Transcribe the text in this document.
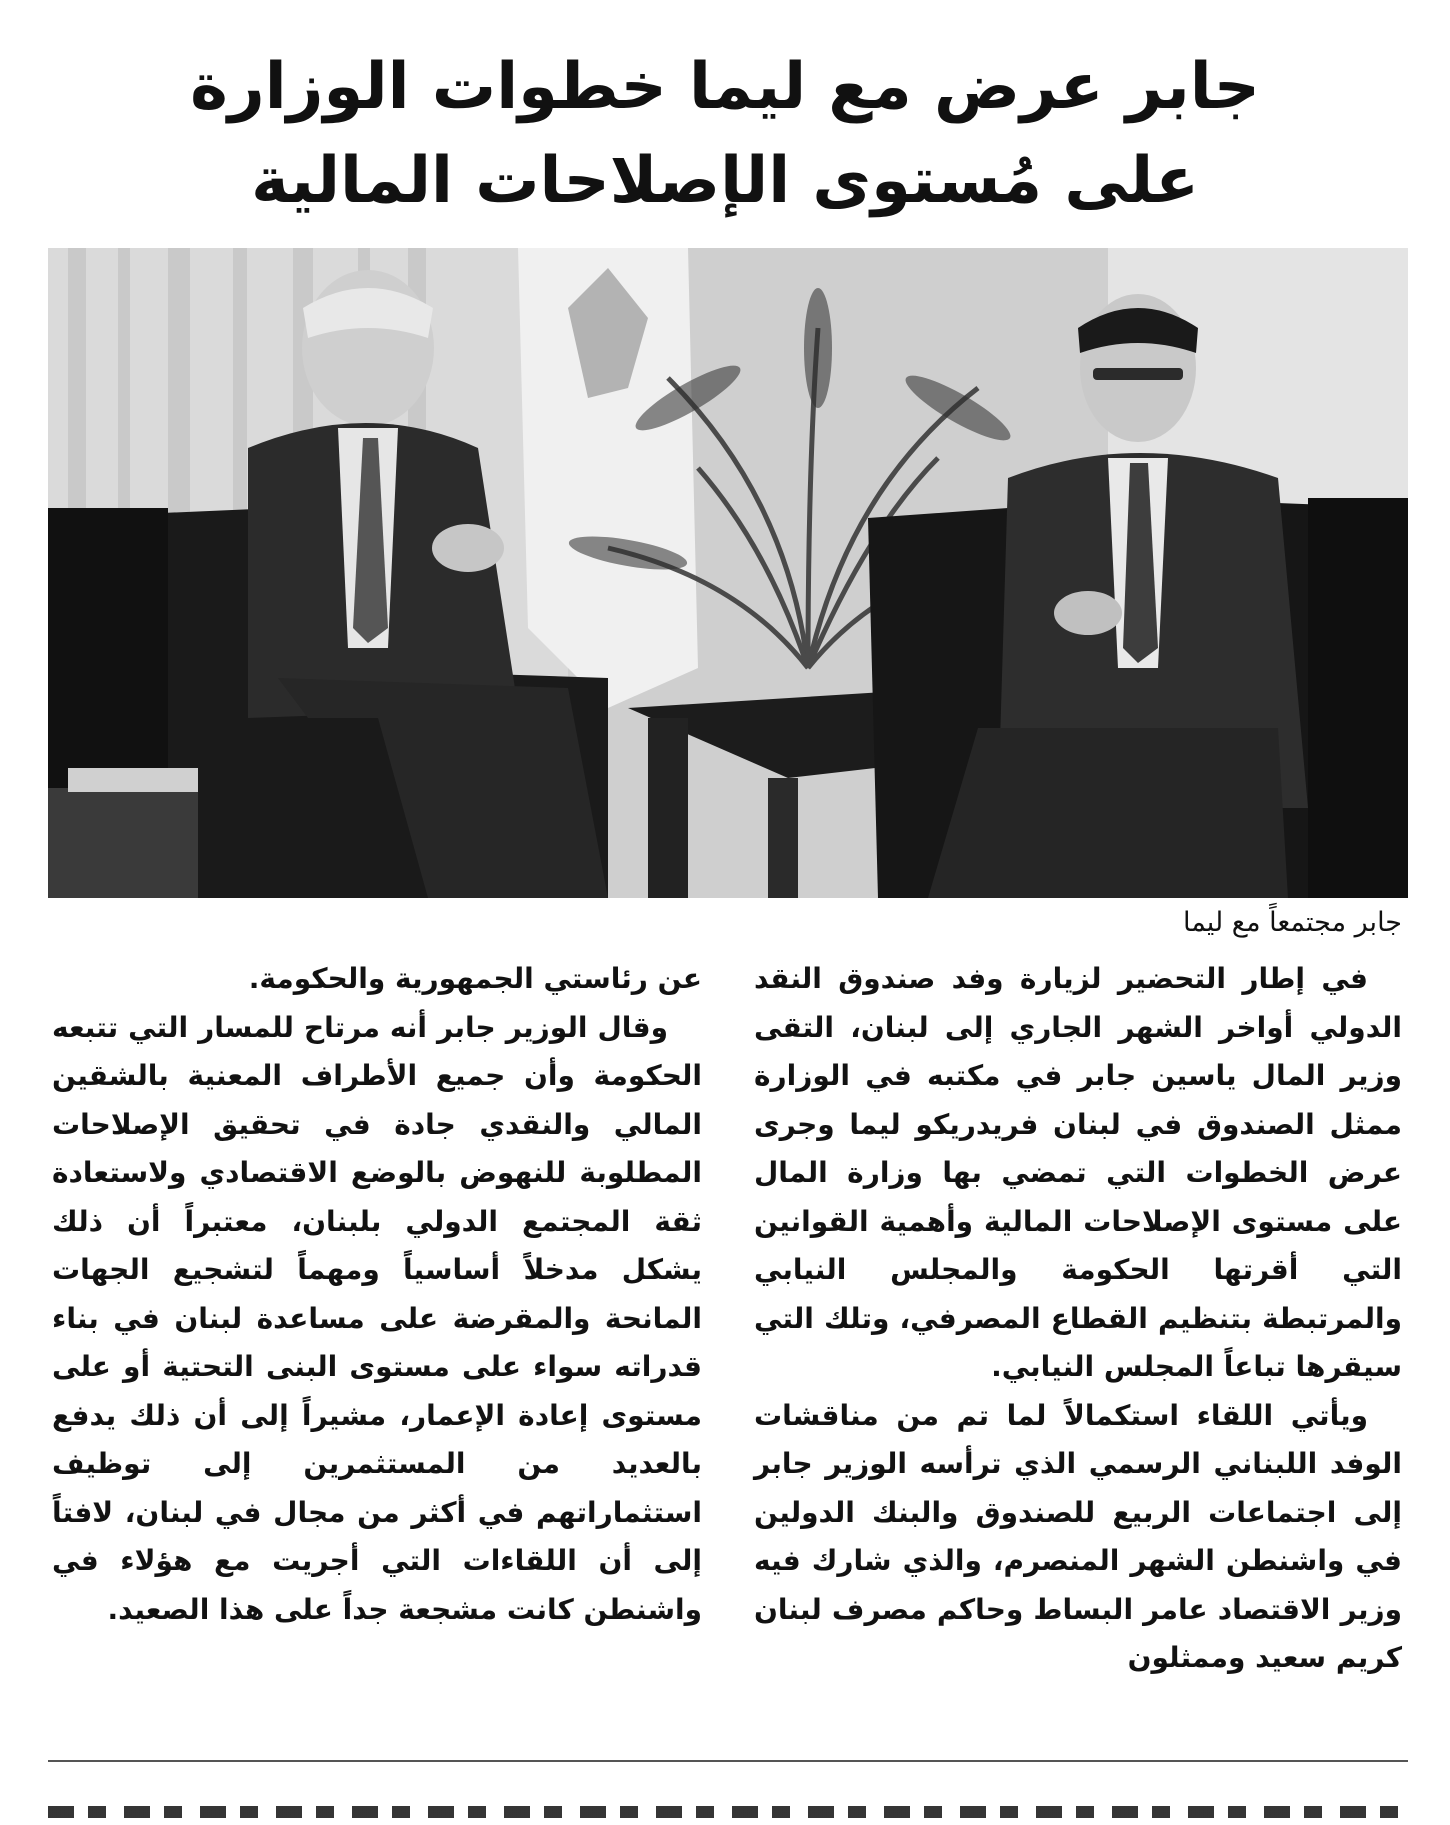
جابر عرض مع ليما خطوات الوزارة
على مُستوى الإصلاحات المالية
جابر مجتمعاً مع ليما

في إطار التحضير لزيارة وفد صندوق النقد الدولي أواخر الشهر الجاري إلى لبنان، التقى وزير المال ياسين جابر في مكتبه في الوزارة ممثل الصندوق في لبنان فريدريكو ليما وجرى عرض الخطوات التي تمضي بها وزارة المال على مستوى الإصلاحات المالية وأهمية القوانين التي أقرتها الحكومة والمجلس النيابي والمرتبطة بتنظيم القطاع المصرفي، وتلك التي سيقرها تباعاً المجلس النيابي.

ويأتي اللقاء استكمالاً لما تم من مناقشات الوفد اللبناني الرسمي الذي ترأسه الوزير جابر إلى اجتماعات الربيع للصندوق والبنك الدولين في واشنطن الشهر المنصرم، والذي شارك فيه وزير الاقتصاد عامر البساط وحاكم مصرف لبنان كريم سعيد وممثلون

عن رئاستي الجمهورية والحكومة.

وقال الوزير جابر أنه مرتاح للمسار التي تتبعه الحكومة وأن جميع الأطراف المعنية بالشقين المالي والنقدي جادة في تحقيق الإصلاحات المطلوبة للنهوض بالوضع الاقتصادي ولاستعادة ثقة المجتمع الدولي بلبنان، معتبراً أن ذلك يشكل مدخلاً أساسياً ومهماً لتشجيع الجهات المانحة والمقرضة على مساعدة لبنان في بناء قدراته سواء على مستوى البنى التحتية أو على مستوى إعادة الإعمار، مشيراً إلى أن ذلك يدفع بالعديد من المستثمرين إلى توظيف استثماراتهم في أكثر من مجال في لبنان، لافتاً إلى أن اللقاءات التي أجريت مع هؤلاء في واشنطن كانت مشجعة جداً على هذا الصعيد.
